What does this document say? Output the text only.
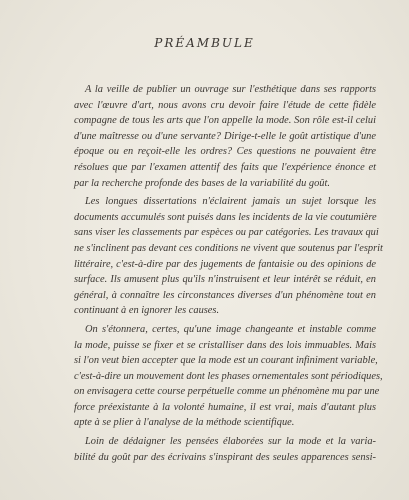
PRÉAMBULE

A la veille de publier un ouvrage sur l'esthétique dans ses rapports
avec l'œuvre d'art, nous avons cru devoir faire l'étude de cette fidèle
compagne de tous les arts que l'on appelle la mode. Son rôle est-il celui
d'une maîtresse ou d'une servante? Dirige-t-elle le goût artistique d'une
époque ou en reçoit-elle les ordres? Ces questions ne pouvaient être
résolues que par l'examen attentif des faits que l'expérience énonce et
par la recherche profonde des bases de la variabilité du goût.

Les longues dissertations n'éclairent jamais un sujet lorsque les
documents accumulés sont puisés dans les incidents de la vie coutumière
sans viser les classements par espèces ou par catégories. Les travaux qui
ne s'inclinent pas devant ces conditions ne vivent que soutenus par l'esprit
littéraire, c'est-à-dire par des jugements de fantaisie ou des opinions de
surface. Ils amusent plus qu'ils n'instruisent et leur intérêt se réduit, en
général, à connaître les circonstances diverses d'un phénomène tout en
continuant à en ignorer les causes.

On s'étonnera, certes, qu'une image changeante et instable comme
la mode, puisse se fixer et se cristalliser dans des lois immuables. Mais
si l'on veut bien accepter que la mode est un courant infiniment variable,
c'est-à-dire un mouvement dont les phases ornementales sont périodiques,
on envisagera cette course perpétuelle comme un phénomène mu par une
force préexistante à la volonté humaine, il est vrai, mais d'autant plus
apte à se plier à l'analyse de la méthode scientifique.

Loin de dédaigner les pensées élaborées sur la mode et la varia-
bilité du goût par des écrivains s'inspirant des seules apparences sensi-
